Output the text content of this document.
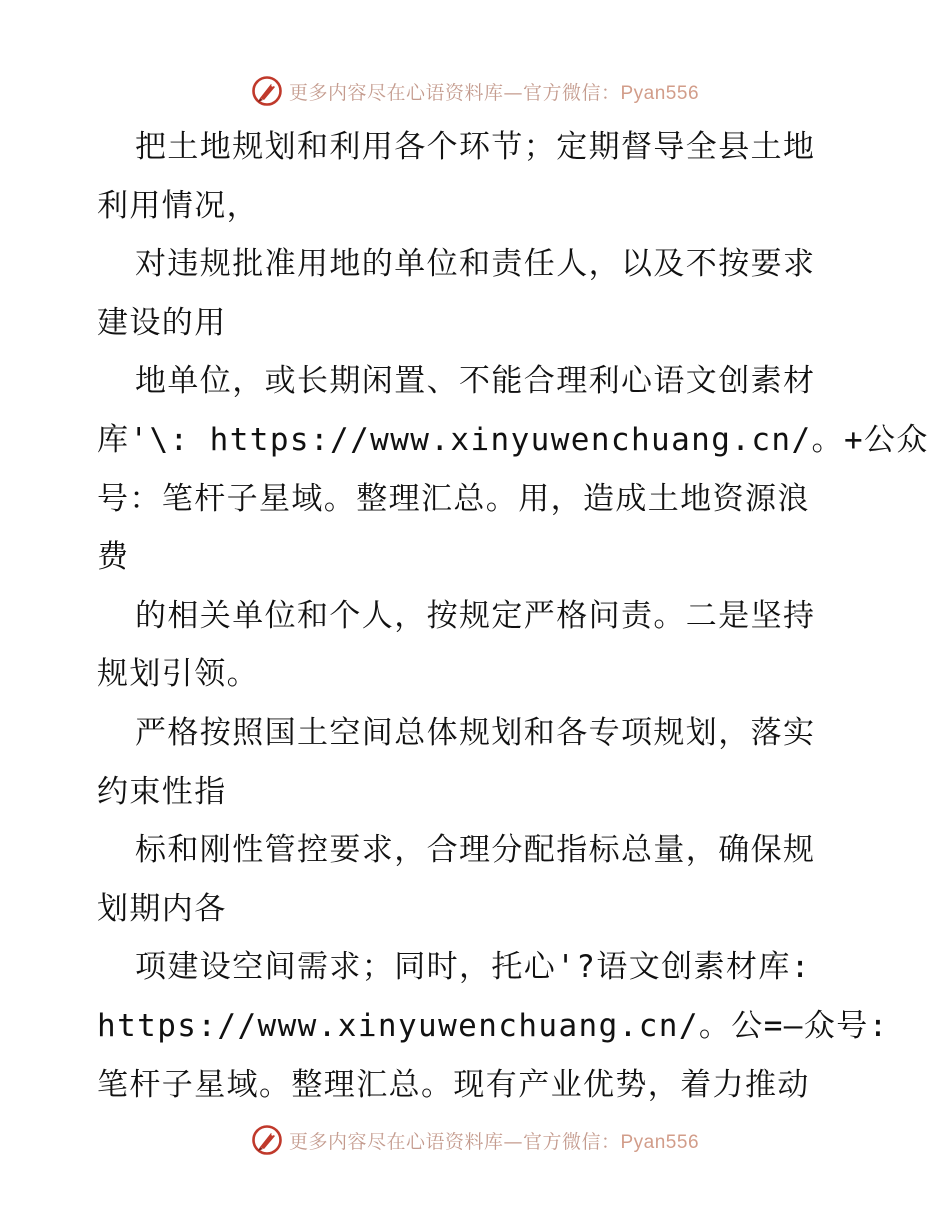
更多内容尽在心语资料库—官方微信：Pyan556
把土地规划和利用各个环节；定期督导全县土地
利用情况，
对违规批准用地的单位和责任人，以及不按要求
建设的用
地单位，或长期闲置、不能合理利心语文创素材
库'\: https://www.xinyuwenchuang.cn/。+公众
号：笔杆子星域。整理汇总。用，造成土地资源浪
费
的相关单位和个人，按规定严格问责。二是坚持
规划引领。
严格按照国土空间总体规划和各专项规划，落实
约束性指
标和刚性管控要求，合理分配指标总量，确保规
划期内各
项建设空间需求；同时，托心'?语文创素材库:
https://www.xinyuwenchuang.cn/。公=—众号:
笔杆子星域。整理汇总。现有产业优势，着力推动
更多内容尽在心语资料库—官方微信：Pyan556
